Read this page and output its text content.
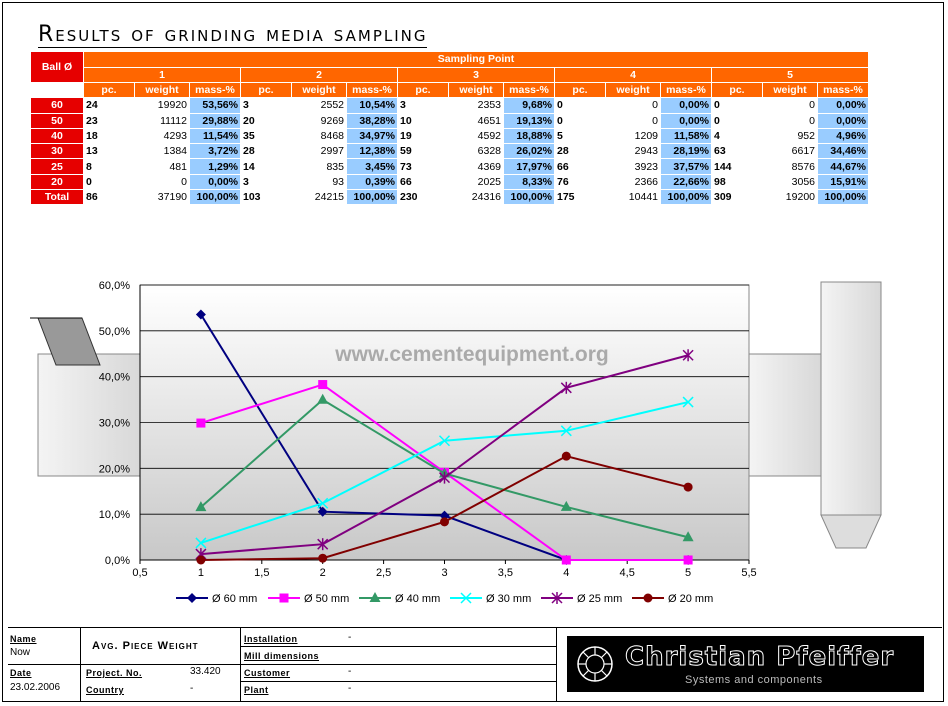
Results of grinding media sampling
Ball Ø	Sampling Point														
	1			2			3			4			5		
	pc.	weight	mass-%	pc.	weight	mass-%	pc.	weight	mass-%	pc.	weight	mass-%	pc.	weight	mass-%
60	24	19920	53,56%	3	2552	10,54%	3	2353	9,68%	0	0	0,00%	0	0	0,00%
50	23	11112	29,88%	20	9269	38,28%	10	4651	19,13%	0	0	0,00%	0	0	0,00%
40	18	4293	11,54%	35	8468	34,97%	19	4592	18,88%	5	1209	11,58%	4	952	4,96%
30	13	1384	3,72%	28	2997	12,38%	59	6328	26,02%	28	2943	28,19%	63	6617	34,46%
25	8	481	1,29%	14	835	3,45%	73	4369	17,97%	66	3923	37,57%	144	8576	44,67%
20	0	0	0,00%	3	93	0,39%	66	2025	8,33%	76	2366	22,66%	98	3056	15,91%
Total	86	37190	100,00%	103	24215	100,00%	230	24316	100,00%	175	10441	100,00%	309	19200	100,00%
0,0%
10,0%
20,0%
30,0%
40,0%
50,0%
60,0%
0,5	1	1,5	2	2,5	3	3,5	4	4,5	5	5,5
www.cementequipment.org
Ø 60 mm	Ø 50 mm	Ø 40 mm	Ø 30 mm	Ø 25 mm	Ø 20 mm
Name
Now
Date
23.02.2006
Avg. Piece Weight
Project. No.	33.420
Country	-
Installation	-
Mill dimensions
Customer	-
Plant	-
Christian Pfeiffer
Systems and components
